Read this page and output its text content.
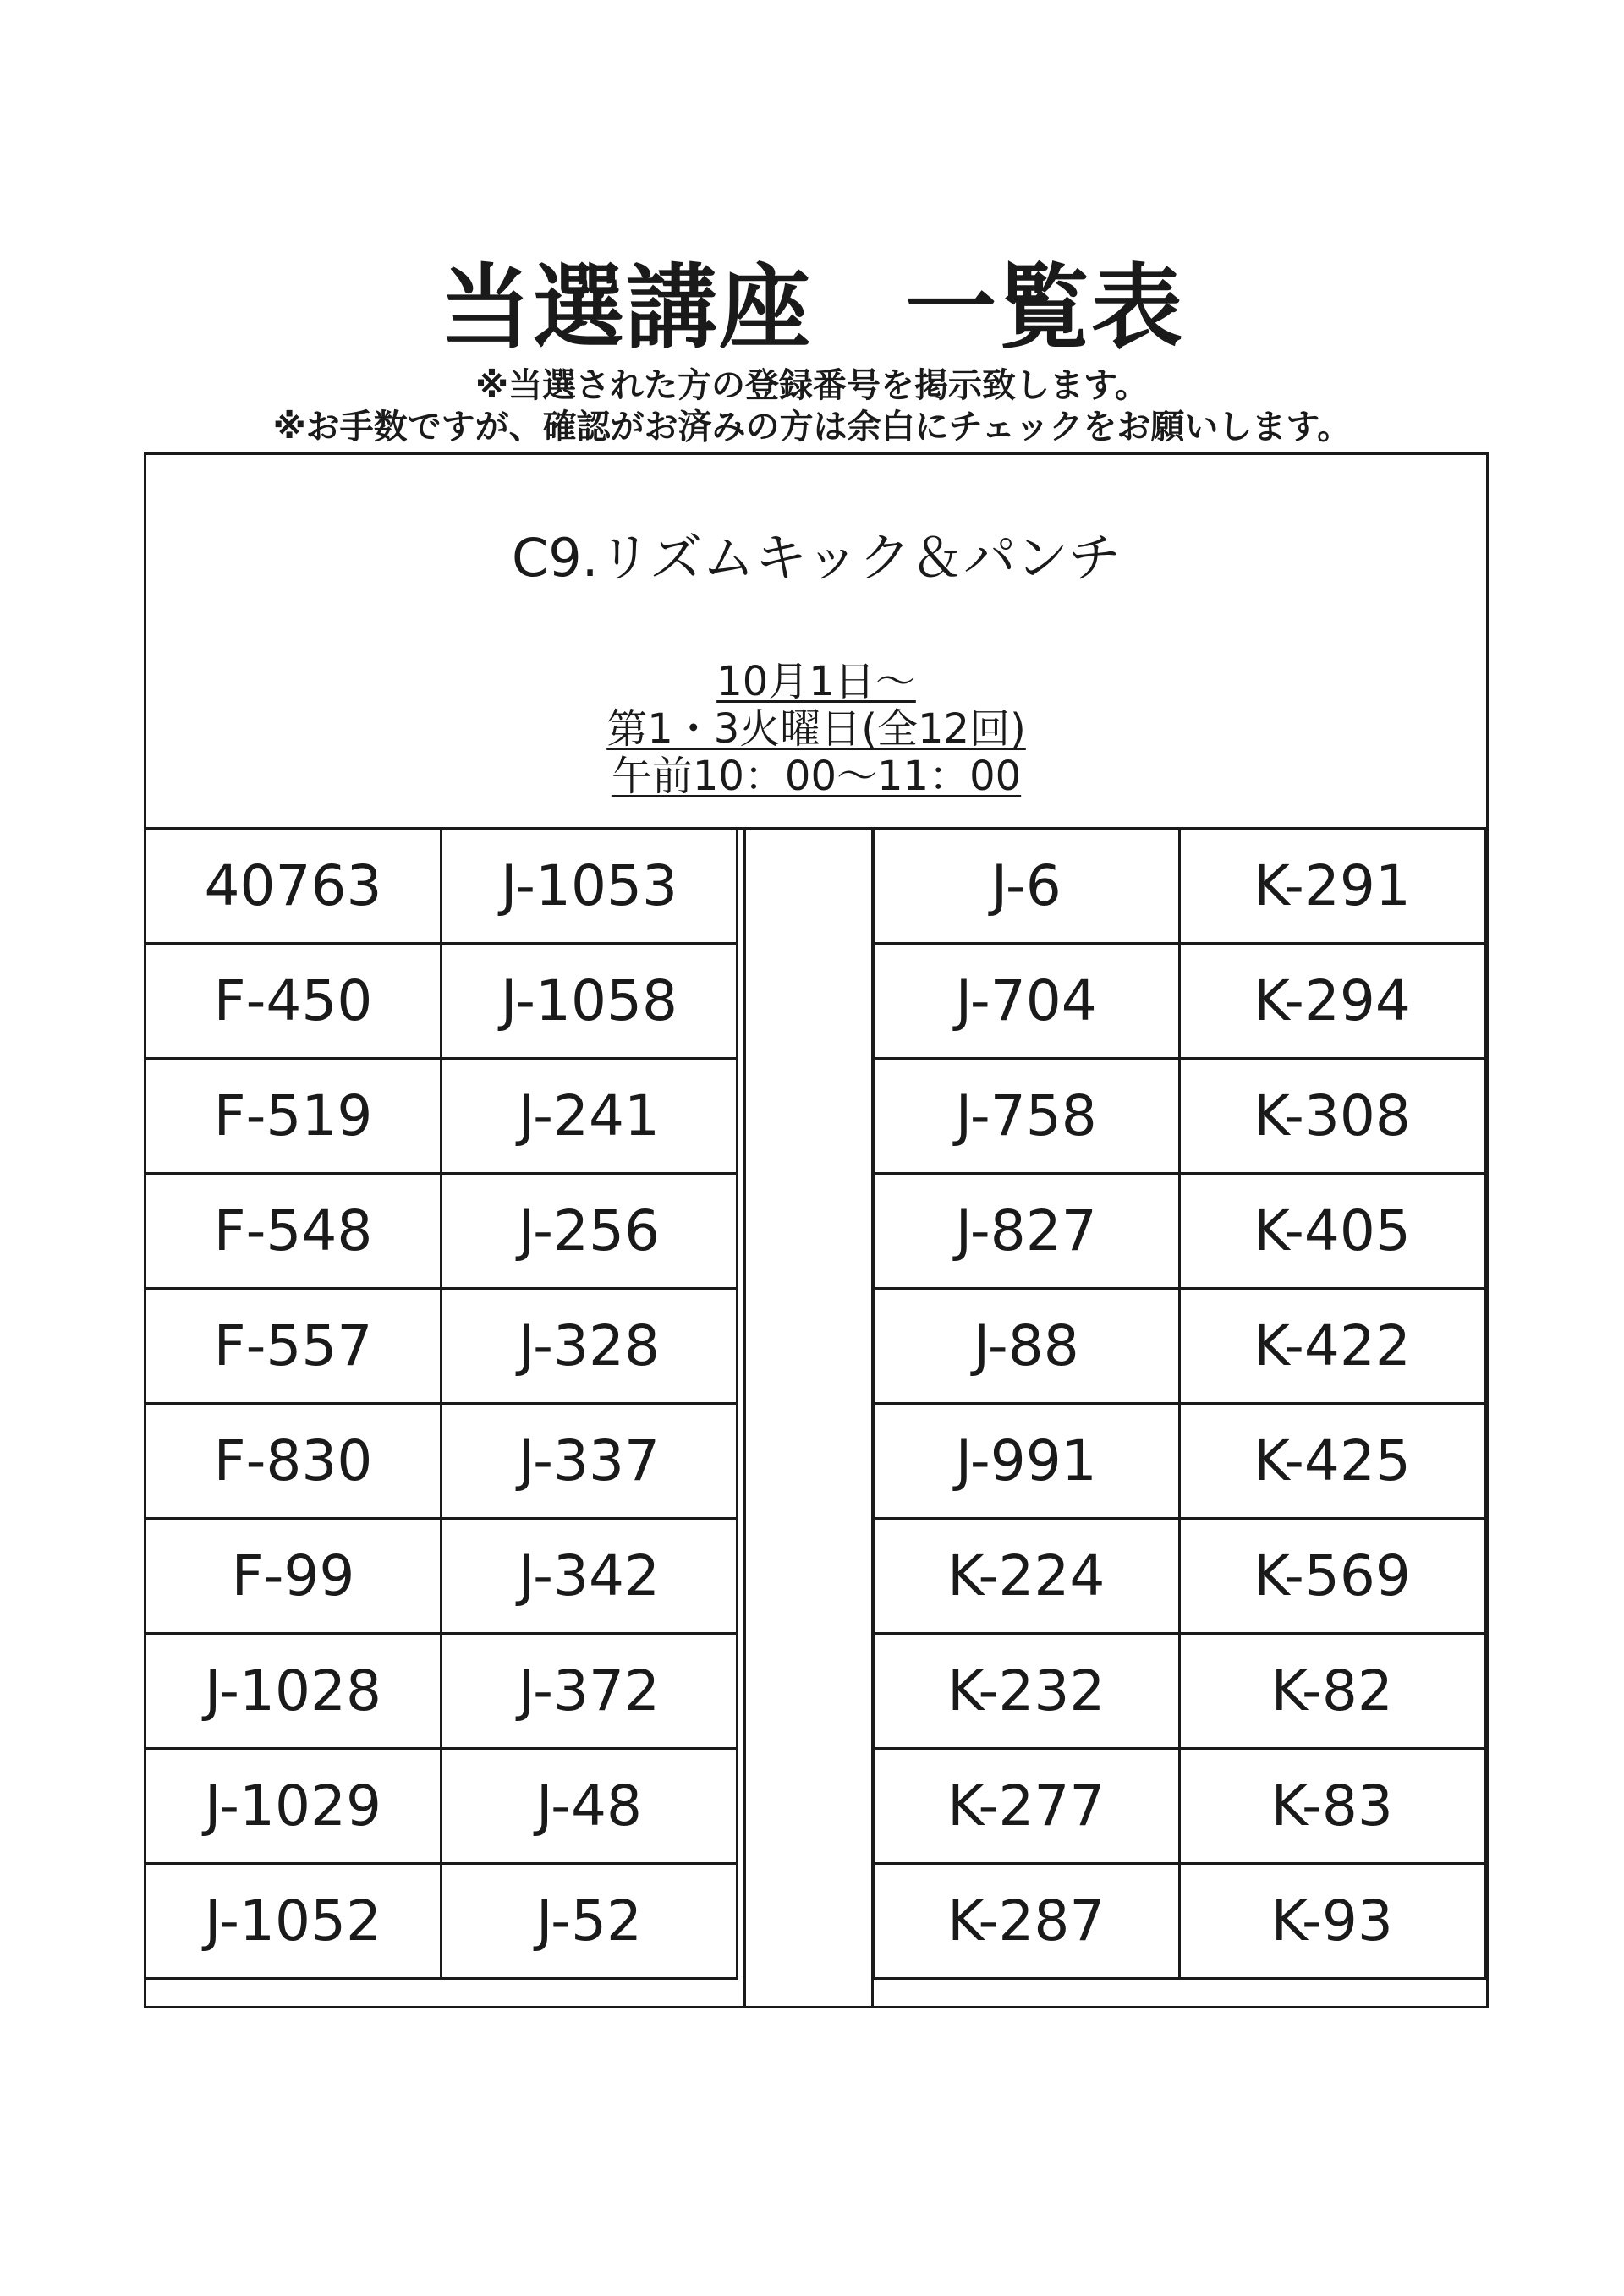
当選講座　一覧表
※当選された方の登録番号を掲示致します。
※お手数ですが、確認がお済みの方は余白にチェックをお願いします。
C9.リズムキック＆パンチ
10月1日～
第1・3火曜日(全12回)
午前10：00～11：00
40763	J-1053
F-450	J-1058
F-519	J-241
F-548	J-256
F-557	J-328
F-830	J-337
F-99	J-342
J-1028	J-372
J-1029	J-48
J-1052	J-52
J-6	K-291
J-704	K-294
J-758	K-308
J-827	K-405
J-88	K-422
J-991	K-425
K-224	K-569
K-232	K-82
K-277	K-83
K-287	K-93
